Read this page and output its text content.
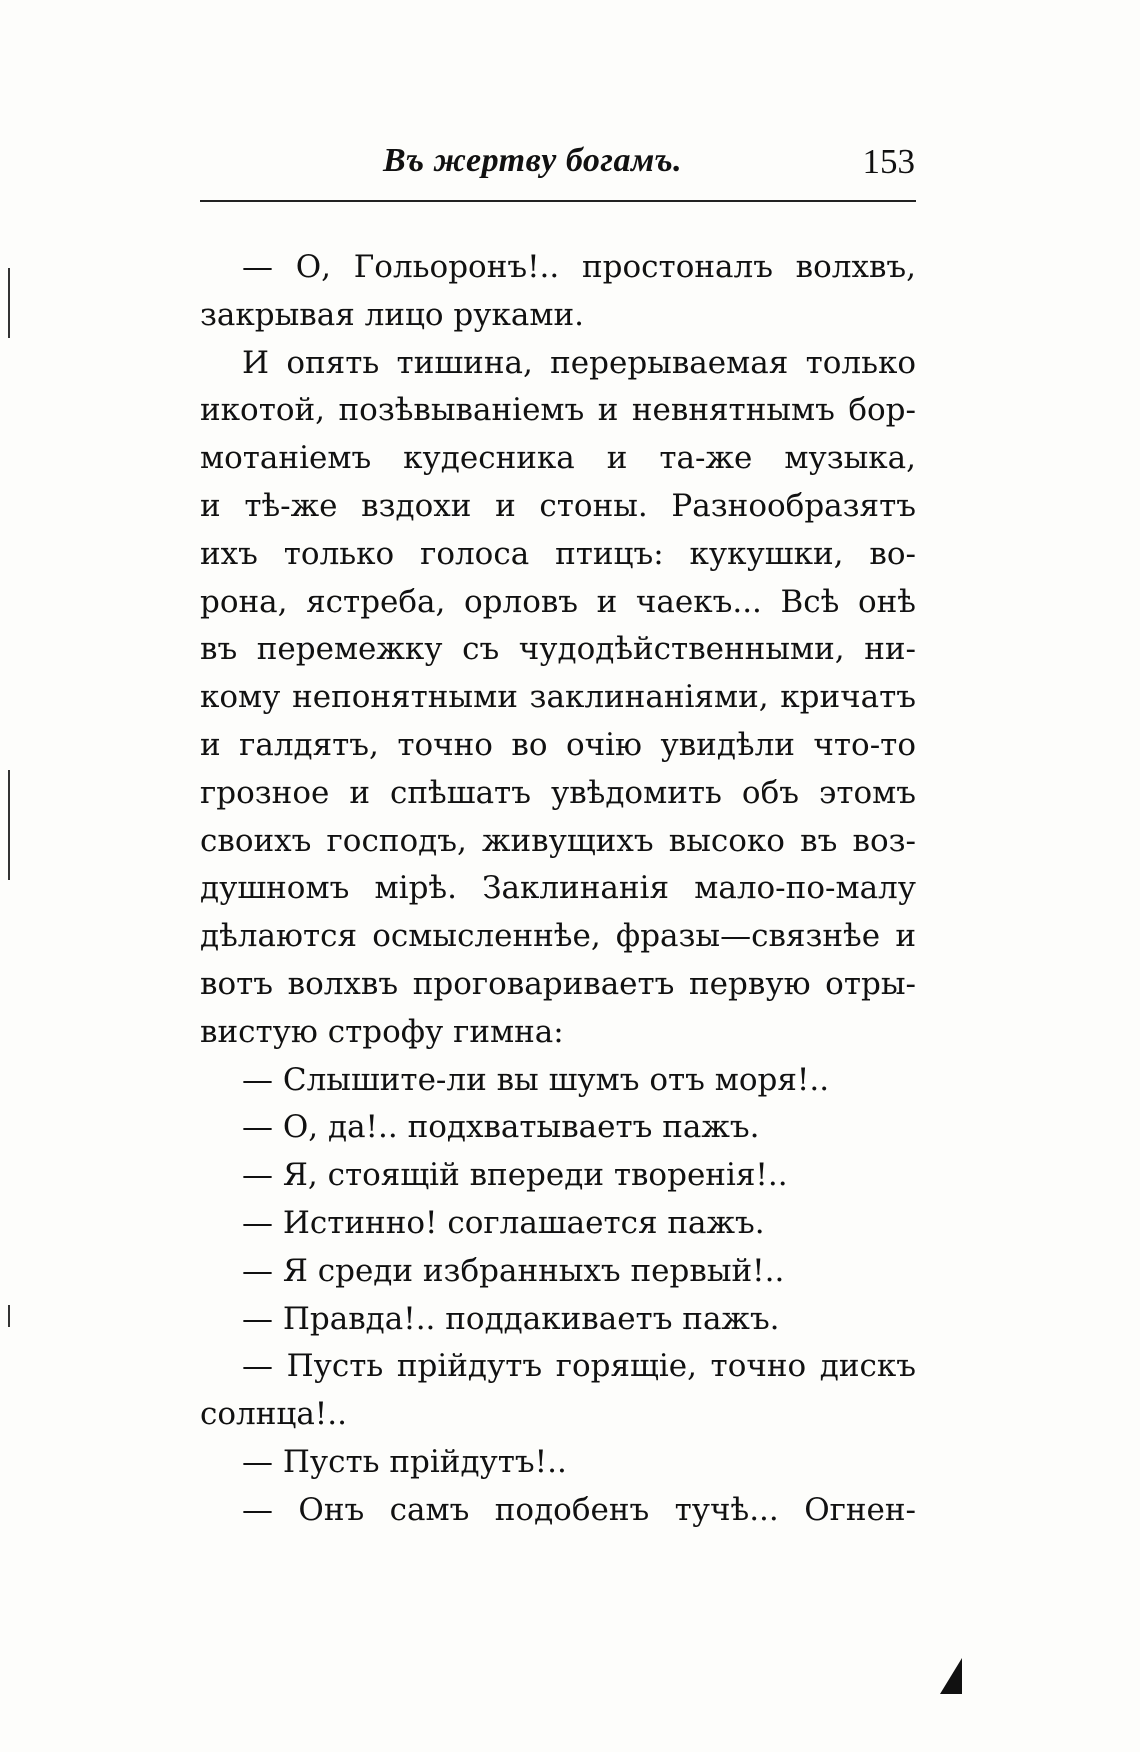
Въ жертву богамъ.	153
— О, Гольоронъ!.. простоналъ волхвъ,
закрывая лицо руками.
И опять тишина, перерываемая только
икотой, позѣвываніемъ и невнятнымъ бор-
мотаніемъ кудесника и та-же музыка,
и тѣ-же вздохи и стоны. Разнообразятъ
ихъ только голоса птицъ: кукушки, во-
рона, ястреба, орловъ и чаекъ... Всѣ онѣ
въ перемежку съ чудодѣйственными, ни-
кому непонятными заклинаніями, кричатъ
и галдятъ, точно во очію увидѣли что-то
грозное и спѣшатъ увѣдомить объ этомъ
своихъ господъ, живущихъ высоко въ воз-
душномъ мірѣ. Заклинанія мало-по-малу
дѣлаются осмысленнѣе, фразы—связнѣе и
вотъ волхвъ проговариваетъ первую отры-
вистую строфу гимна:
— Слышите-ли вы шумъ отъ моря!..
— О, да!.. подхватываетъ пажъ.
— Я, стоящій впереди творенія!..
— Истинно! соглашается пажъ.
— Я среди избранныхъ первый!..
— Правда!.. поддакиваетъ пажъ.
— Пусть прійдутъ горящіе, точно дискъ
солнца!..
— Пусть прійдутъ!..
— Онъ самъ подобенъ тучѣ... Огнен-
